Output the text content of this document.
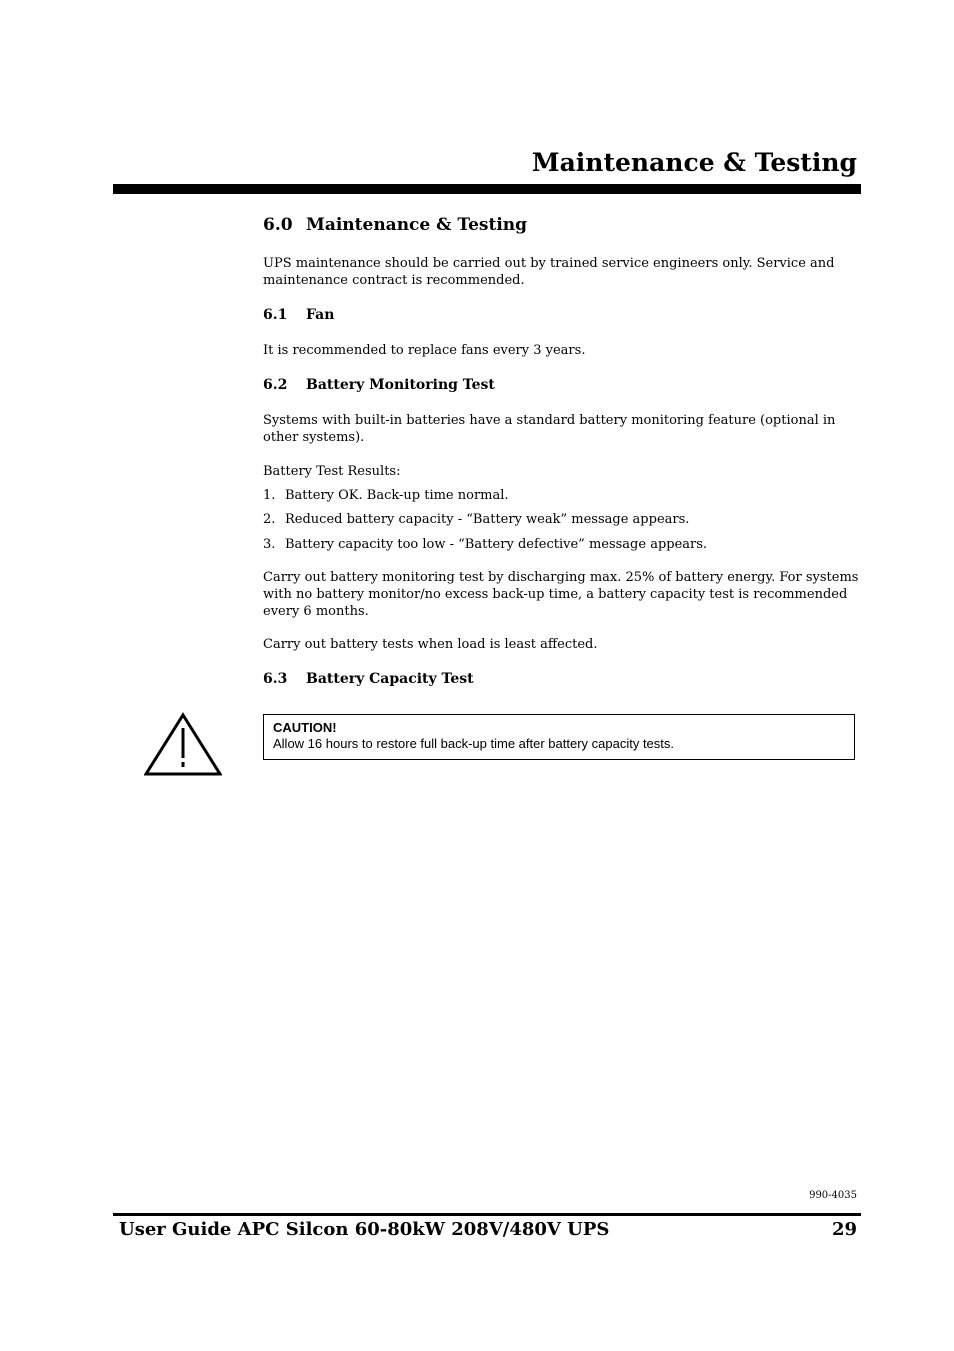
Maintenance & Testing
6.0 Maintenance & Testing
UPS maintenance should be carried out by trained service engineers only. Service and maintenance contract is recommended.
6.1 Fan
It is recommended to replace fans every 3 years.
6.2 Battery Monitoring Test
Systems with built-in batteries have a standard battery monitoring feature (optional in other systems).
Battery Test Results:
1. Battery OK. Back-up time normal.
2. Reduced battery capacity - “Battery weak” message appears.
3. Battery capacity too low - “Battery defective” message appears.
Carry out battery monitoring test by discharging max. 25% of battery energy. For systems with no battery monitor/no excess back-up time, a battery capacity test is recommended every 6 months.
Carry out battery tests when load is least affected.
6.3 Battery Capacity Test
CAUTION!
Allow 16 hours to restore full back-up time after battery capacity tests.
990-4035
User Guide APC Silcon 60-80kW 208V/480V UPS	29
